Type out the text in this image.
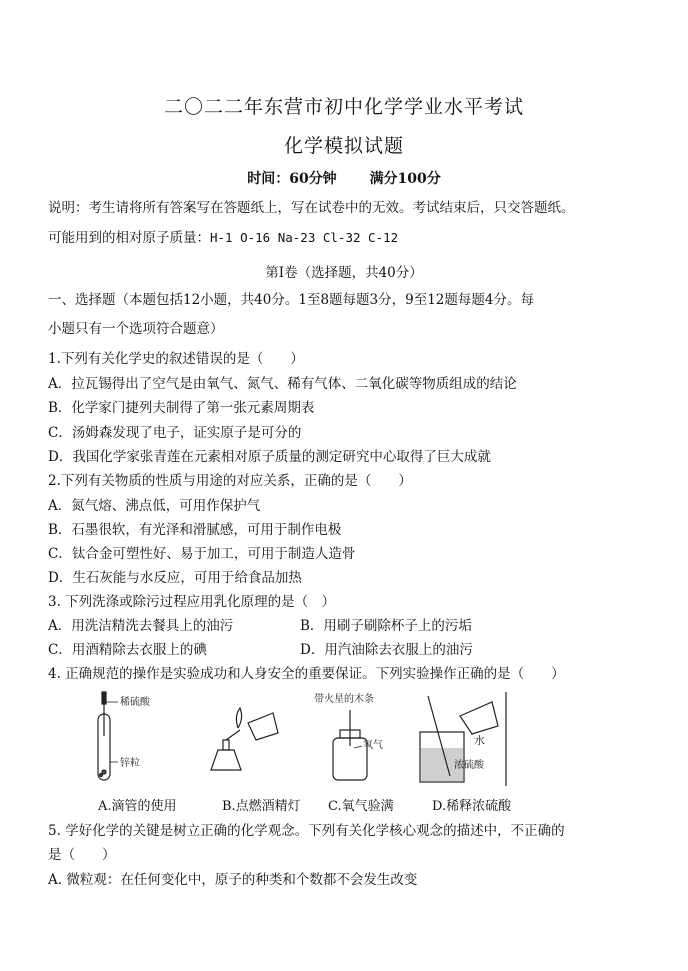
二〇二二年东营市初中化学学业水平考试
化学模拟试题
时间：60分钟 满分100分
说明：考生请将所有答案写在答题纸上，写在试卷中的无效。考试结束后，只交答题纸。
可能用到的相对原子质量：H-1 O-16 Na-23 Cl-32 C-12
第Ⅰ卷（选择题，共40分）
一、选择题（本题包括12小题，共40分。1至8题每题3分，9至12题每题4分。每
小题只有一个选项符合题意）
1.下列有关化学史的叙述错误的是（　　）
A．拉瓦锡得出了空气是由氧气、氮气、稀有气体、二氧化碳等物质组成的结论
B．化学家门捷列夫制得了第一张元素周期表
C．汤姆森发现了电子，证实原子是可分的
D．我国化学家张青莲在元素相对原子质量的测定研究中心取得了巨大成就
2.下列有关物质的性质与用途的对应关系，正确的是（　　）
A．氮气熔、沸点低，可用作保护气
B．石墨很软，有光泽和滑腻感，可用于制作电极
C．钛合金可塑性好、易于加工，可用于制造人造骨
D．生石灰能与水反应，可用于给食品加热
3. 下列洗涤或除污过程应用乳化原理的是（　）
A．用洗洁精洗去餐具上的油污	B．用刷子刷除杯子上的污垢
C．用酒精除去衣服上的碘	D．用汽油除去衣服上的油污
4. 正确规范的操作是实验成功和人身安全的重要保证。下列实验操作正确的是（　　）
稀硫酸
锌粒
带火星的木条
氧气	水
浓硫酸
A.滴管的使用	B.点燃酒精灯 C.氧气验满	D.稀释浓硫酸
5. 学好化学的关键是树立正确的化学观念。下列有关化学核心观念的描述中，不正确的
是（　　）
A. 微粒观：在任何变化中，原子的种类和个数都不会发生改变
